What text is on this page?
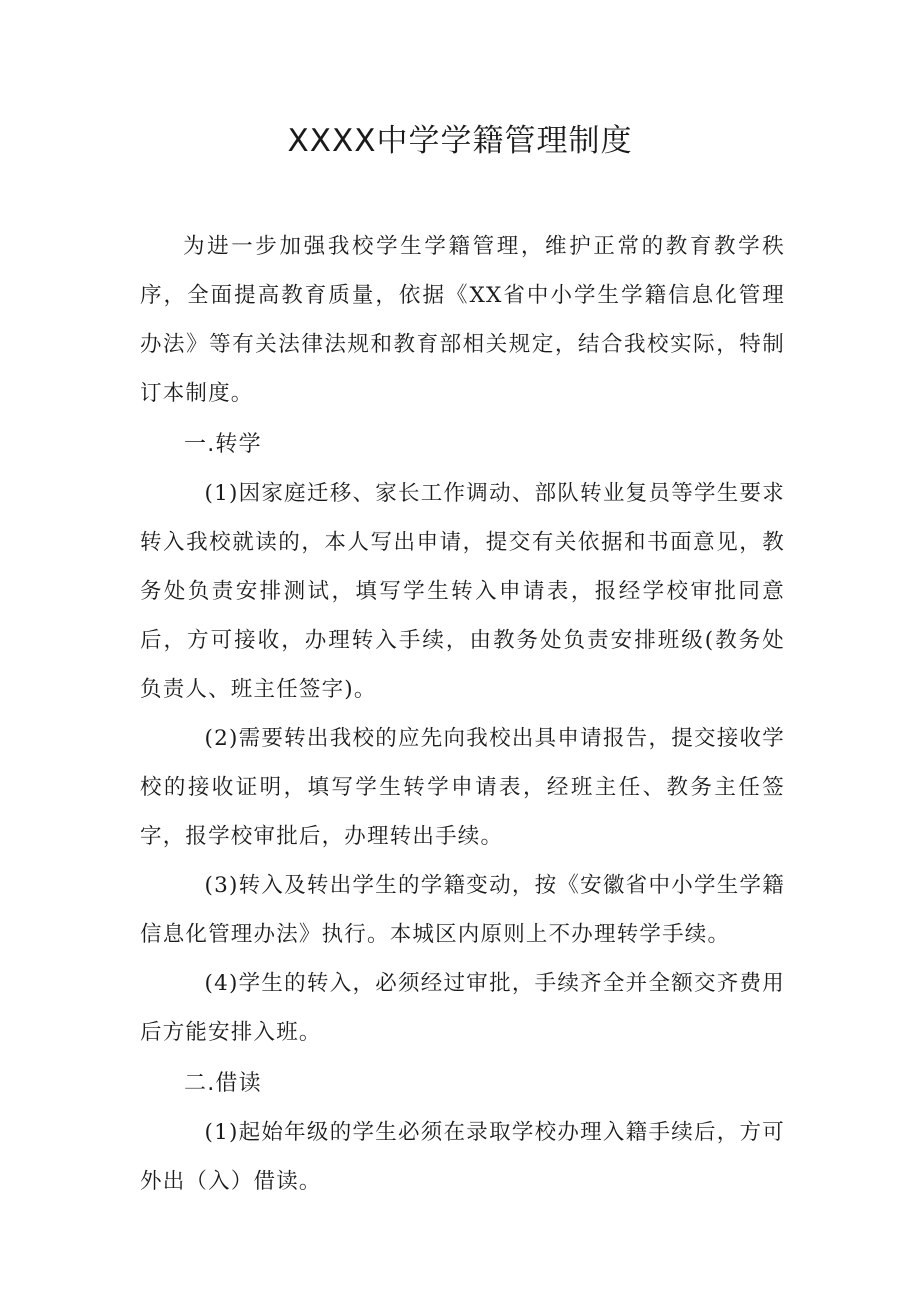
XXXX中学学籍管理制度

为进一步加强我校学生学籍管理，维护正常的教育教学秩序，全面提高教育质量，依据《XX省中小学生学籍信息化管理办法》等有关法律法规和教育部相关规定，结合我校实际，特制订本制度。

一.转学

(1)因家庭迁移、家长工作调动、部队转业复员等学生要求转入我校就读的，本人写出申请，提交有关依据和书面意见，教务处负责安排测试，填写学生转入申请表，报经学校审批同意后，方可接收，办理转入手续，由教务处负责安排班级(教务处负责人、班主任签字)。

(2)需要转出我校的应先向我校出具申请报告，提交接收学校的接收证明，填写学生转学申请表，经班主任、教务主任签字，报学校审批后，办理转出手续。

(3)转入及转出学生的学籍变动，按《安徽省中小学生学籍信息化管理办法》执行。本城区内原则上不办理转学手续。

(4)学生的转入，必须经过审批，手续齐全并全额交齐费用后方能安排入班。

二.借读

(1)起始年级的学生必须在录取学校办理入籍手续后，方可外出（入）借读。
